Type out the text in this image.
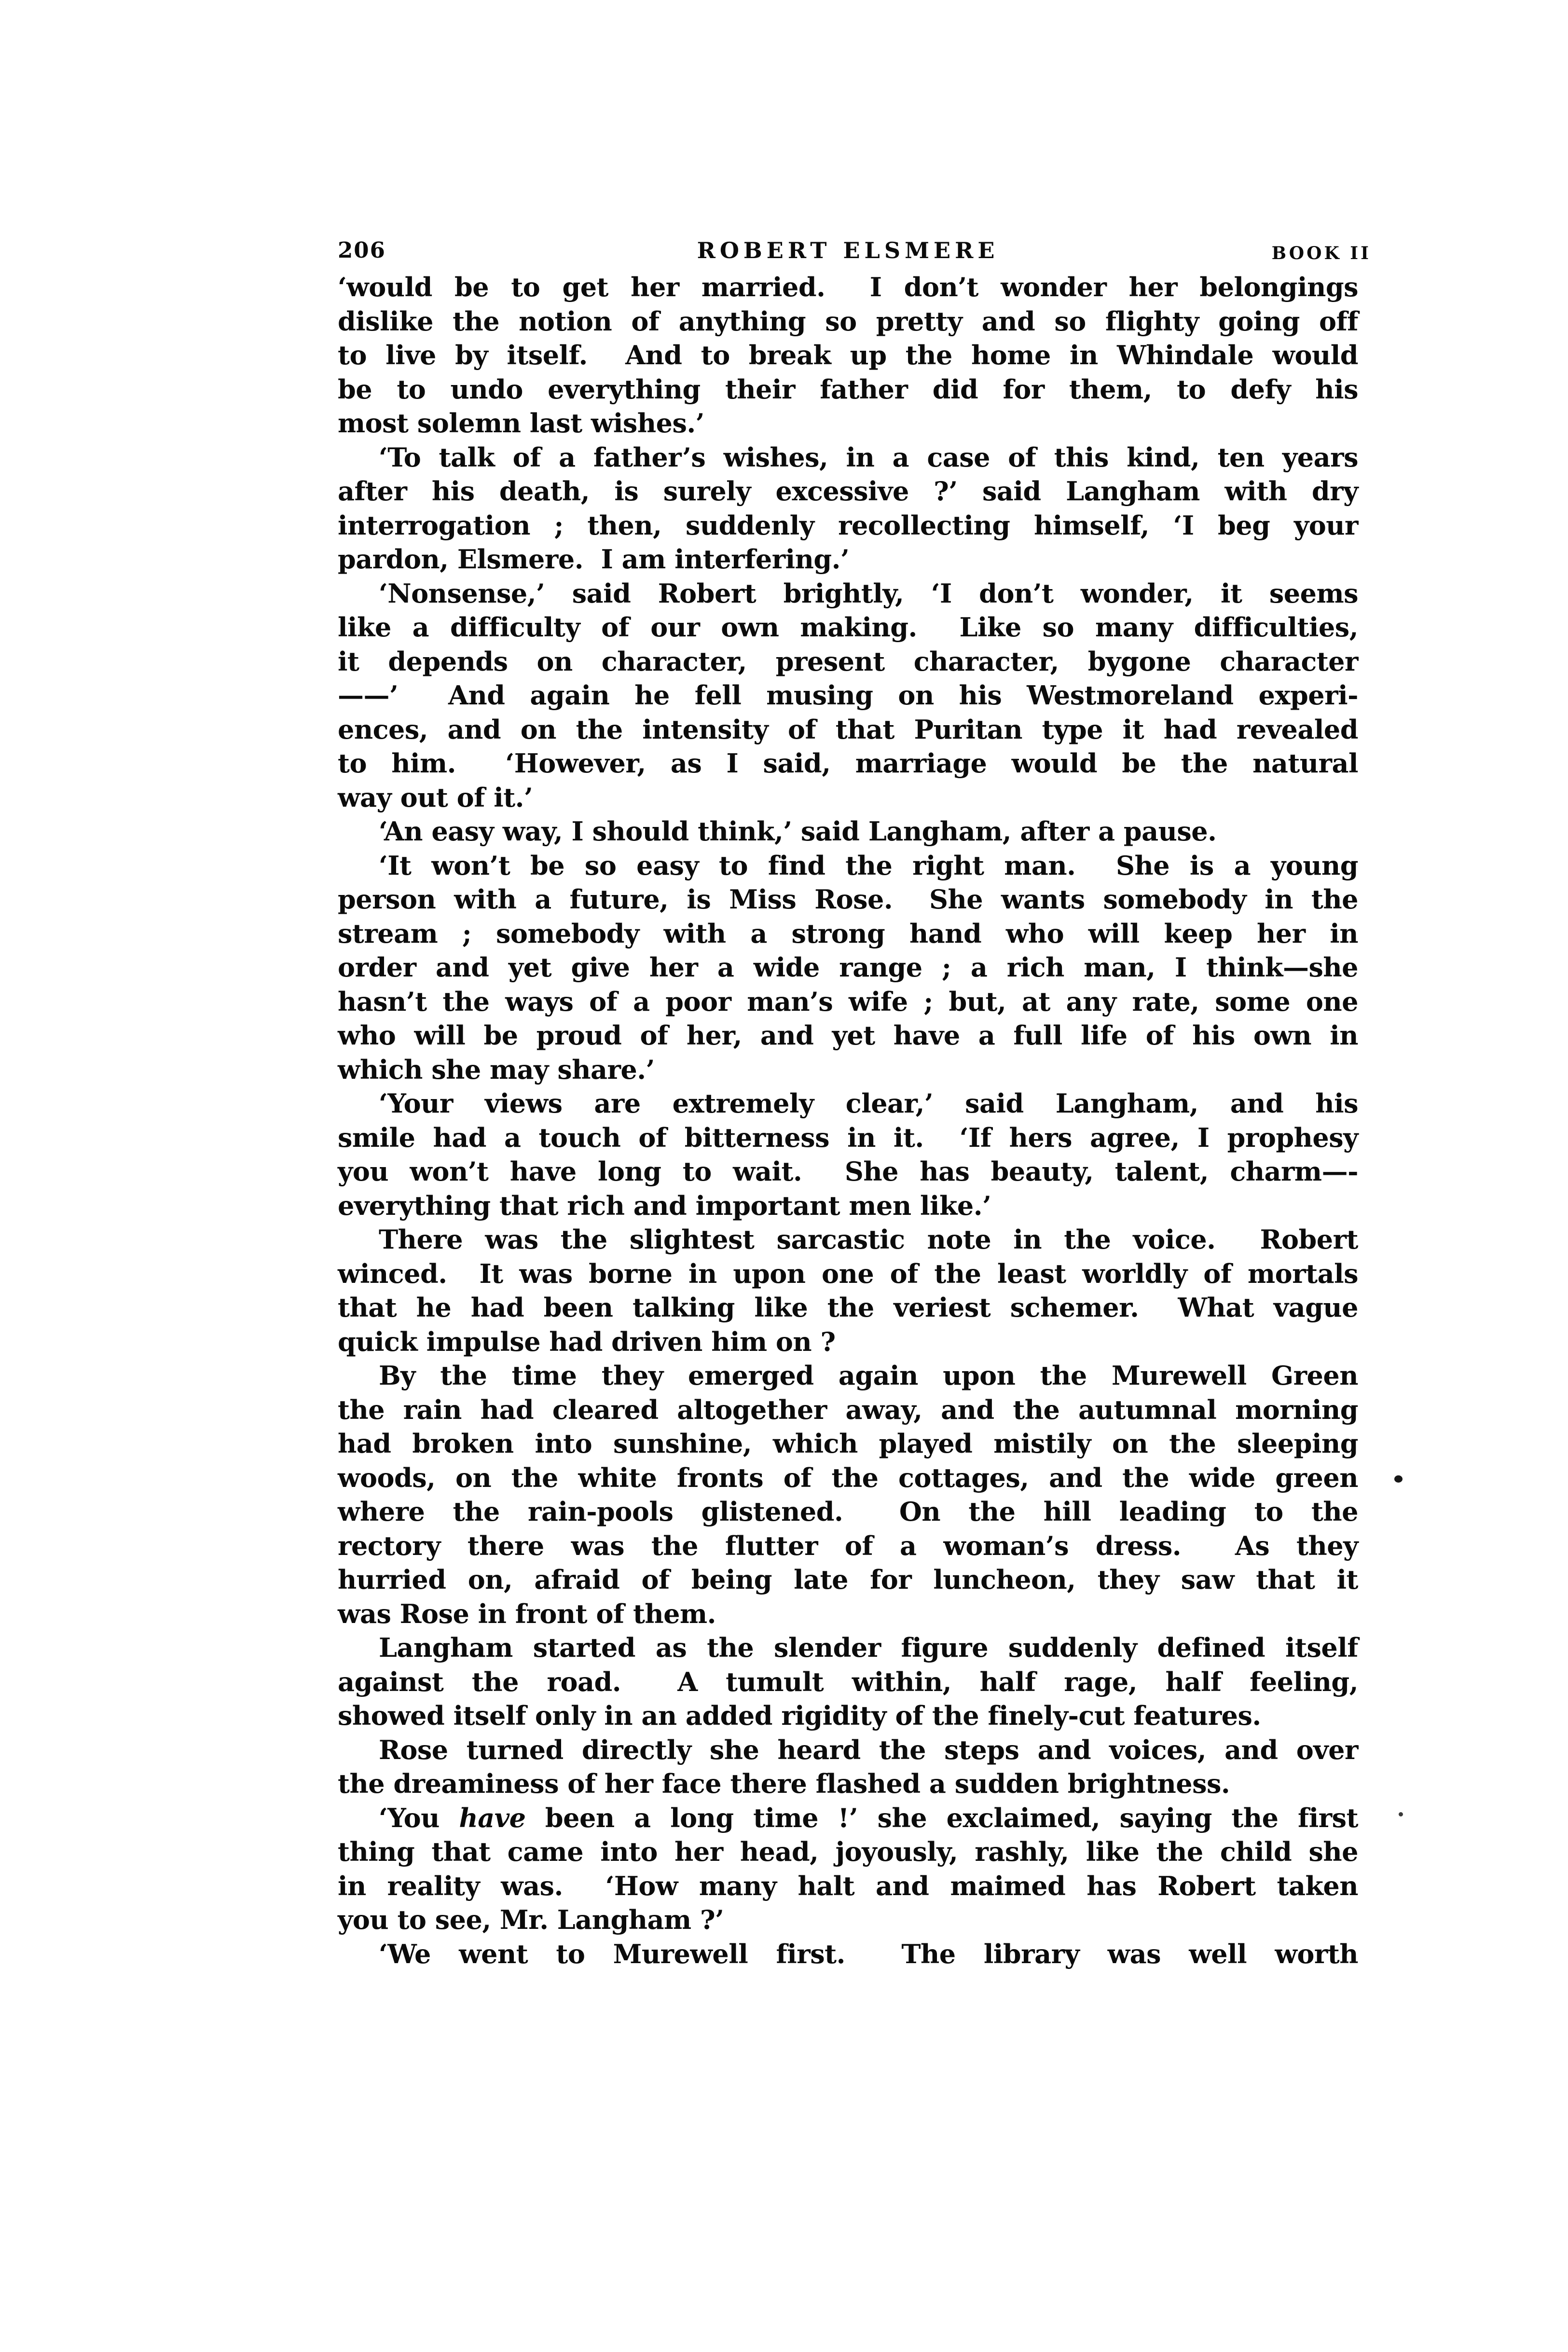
206	ROBERT ELSMERE	BOOK II
‘would be to get her married.  I don’t wonder her belongings
dislike the notion of anything so pretty and so flighty going off
to live by itself.  And to break up the home in Whindale would
be to undo everything their father did for them, to defy his
most solemn last wishes.’
‘To talk of a father’s wishes, in a case of this kind, ten years
after his death, is surely excessive ?’ said Langham with dry
interrogation ; then, suddenly recollecting himself, ‘I beg your
pardon, Elsmere.  I am interfering.’
‘Nonsense,’ said Robert brightly, ‘I don’t wonder, it seems
like a difficulty of our own making.  Like so many difficulties,
it depends on character, present character, bygone character
——’  And again he fell musing on his Westmoreland experi-
ences, and on the intensity of that Puritan type it had revealed
to him.  ‘However, as I said, marriage would be the natural
way out of it.’
‘An easy way, I should think,’ said Langham, after a pause.
‘It won’t be so easy to find the right man.  She is a young
person with a future, is Miss Rose.  She wants somebody in the
stream ; somebody with a strong hand who will keep her in
order and yet give her a wide range ; a rich man, I think—she
hasn’t the ways of a poor man’s wife ; but, at any rate, some one
who will be proud of her, and yet have a full life of his own in
which she may share.’
‘Your views are extremely clear,’ said Langham, and his
smile had a touch of bitterness in it.  ‘If hers agree, I prophesy
you won’t have long to wait.  She has beauty, talent, charm—-
everything that rich and important men like.’
There was the slightest sarcastic note in the voice.  Robert
winced.  It was borne in upon one of the least worldly of mortals
that he had been talking like the veriest schemer.  What vague
quick impulse had driven him on ?
By the time they emerged again upon the Murewell Green
the rain had cleared altogether away, and the autumnal morning
had broken into sunshine, which played mistily on the sleeping
woods, on the white fronts of the cottages, and the wide green
where the rain-pools glistened.  On the hill leading to the
rectory there was the flutter of a woman’s dress.  As they
hurried on, afraid of being late for luncheon, they saw that it
was Rose in front of them.
Langham started as the slender figure suddenly defined itself
against the road.  A tumult within, half rage, half feeling,
showed itself only in an added rigidity of the finely-cut features.
Rose turned directly she heard the steps and voices, and over
the dreaminess of her face there flashed a sudden brightness.
‘You have been a long time !’ she exclaimed, saying the first
thing that came into her head, joyously, rashly, like the child she
in reality was.  ‘How many halt and maimed has Robert taken
you to see, Mr. Langham ?’
‘We went to Murewell first.  The library was well worth
